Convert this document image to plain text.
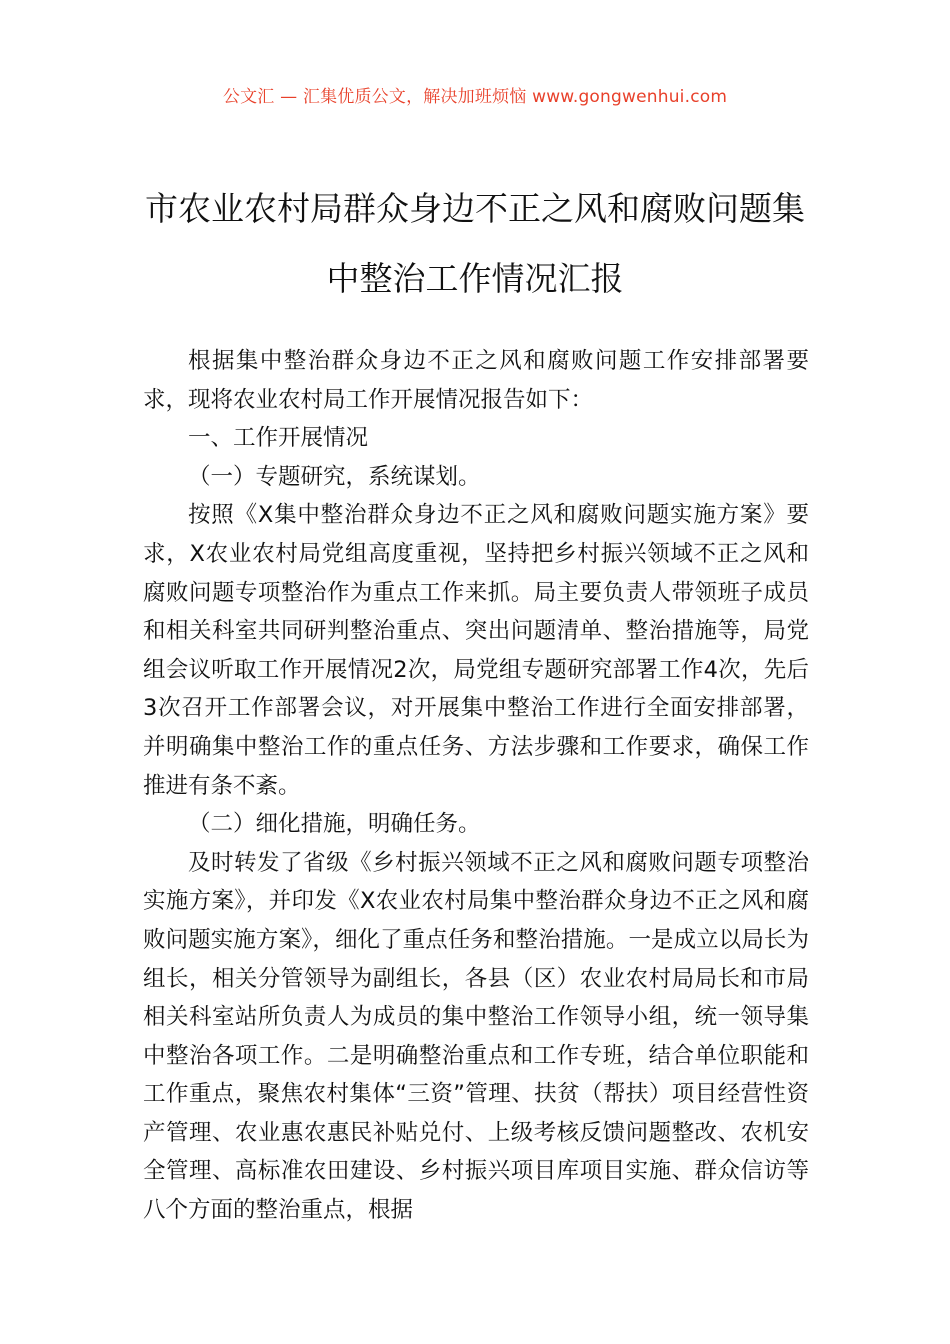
公文汇 — 汇集优质公文，解决加班烦恼 www.gongwenhui.com
市农业农村局群众身边不正之风和腐败问题集中整治工作情况汇报

根据集中整治群众身边不正之风和腐败问题工作安排部署要求，现将农业农村局工作开展情况报告如下：

一、工作开展情况

（一）专题研究，系统谋划。

按照《X集中整治群众身边不正之风和腐败问题实施方案》要求，X农业农村局党组高度重视，坚持把乡村振兴领域不正之风和腐败问题专项整治作为重点工作来抓。局主要负责人带领班子成员和相关科室共同研判整治重点、突出问题清单、整治措施等，局党组会议听取工作开展情况2次，局党组专题研究部署工作4次，先后3次召开工作部署会议，对开展集中整治工作进行全面安排部署，并明确集中整治工作的重点任务、方法步骤和工作要求，确保工作推进有条不紊。

（二）细化措施，明确任务。

及时转发了省级《乡村振兴领域不正之风和腐败问题专项整治实施方案》，并印发《X农业农村局集中整治群众身边不正之风和腐败问题实施方案》，细化了重点任务和整治措施。一是成立以局长为组长，相关分管领导为副组长，各县（区）农业农村局局长和市局相关科室站所负责人为成员的集中整治工作领导小组，统一领导集中整治各项工作。二是明确整治重点和工作专班，结合单位职能和工作重点，聚焦农村集体“三资”管理、扶贫（帮扶）项目经营性资产管理、农业惠农惠民补贴兑付、上级考核反馈问题整改、农机安全管理、高标准农田建设、乡村振兴项目库项目实施、群众信访等八个方面的整治重点，根据
